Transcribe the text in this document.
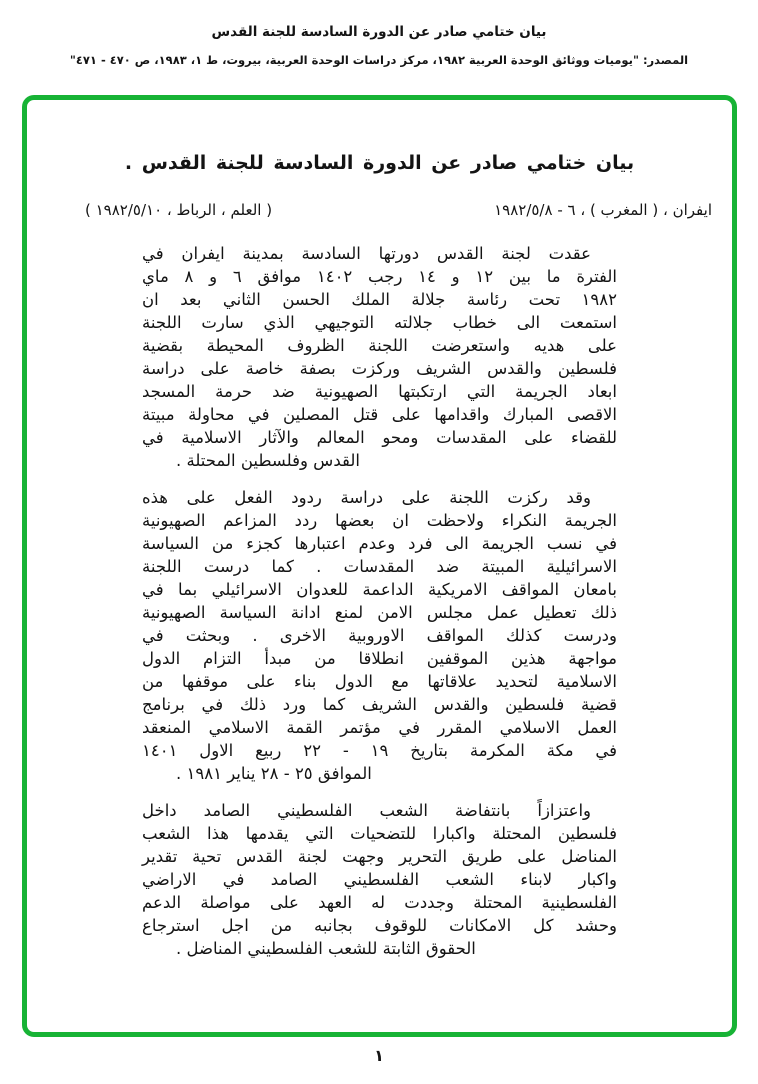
بيان ختامي صادر عن الدورة السادسة للجنة القدس
المصدر: "يوميات ووثائق الوحدة العربية ١٩٨٢، مركز دراسات الوحدة العربية، بيروت، ط ١، ١٩٨٣، ص ٤٧٠ - ٤٧١"
بيان ختامي صادر عن الدورة السادسة للجنة القدس .
ايفران ، ( المغرب ) ، ٦ - ١٩٨٢/٥/٨
( العلم ، الرباط ، ١٩٨٢/٥/١٠ )
عقدت لجنة القدس دورتها السادسة بمدينة ايفران في
الفترة ما بين ١٢ و ١٤ رجب ١٤٠٢ موافق ٦ و ٨ ماي
١٩٨٢ تحت رئاسة جلالة الملك الحسن الثاني بعد ان
استمعت الى خطاب جلالته التوجيهي الذي سارت اللجنة
على هديه واستعرضت اللجنة الظروف المحيطة بقضية
فلسطين والقدس الشريف وركزت بصفة خاصة على دراسة
ابعاد الجريمة التي ارتكبتها الصهيونية ضد حرمة المسجد
الاقصى المبارك واقدامها على قتل المصلين في محاولة مبيتة
للقضاء على المقدسات ومحو المعالم والآثار الاسلامية في
القدس وفلسطين المحتلة .
وقد ركزت اللجنة على دراسة ردود الفعل على هذه
الجريمة النكراء ولاحظت ان بعضها ردد المزاعم الصهيونية
في نسب الجريمة الى فرد وعدم اعتبارها كجزء من السياسة
الاسرائيلية المبيتة ضد المقدسات . كما درست اللجنة
بامعان المواقف الامريكية الداعمة للعدوان الاسرائيلي بما في
ذلك تعطيل عمل مجلس الامن لمنع ادانة السياسة الصهيونية
ودرست كذلك المواقف الاوروبية الاخرى . وبحثت في
مواجهة هذين الموقفين انطلاقا من مبدأ التزام الدول
الاسلامية لتحديد علاقاتها مع الدول بناء على موقفها من
قضية فلسطين والقدس الشريف كما ورد ذلك في برنامج
العمل الاسلامي المقرر في مؤتمر القمة الاسلامي المنعقد
في مكة المكرمة بتاريخ ١٩ - ٢٢ ربيع الاول ١٤٠١
الموافق ٢٥ - ٢٨ يناير ١٩٨١ .
واعتزازاً بانتفاضة الشعب الفلسطيني الصامد داخل
فلسطين المحتلة واكبارا للتضحيات التي يقدمها هذا الشعب
المناضل على طريق التحرير وجهت لجنة القدس تحية تقدير
واكبار لابناء الشعب الفلسطيني الصامد في الاراضي
الفلسطينية المحتلة وجددت له العهد على مواصلة الدعم
وحشد كل الامكانات للوقوف بجانبه من اجل استرجاع
الحقوق الثابتة للشعب الفلسطيني المناضل .
١
